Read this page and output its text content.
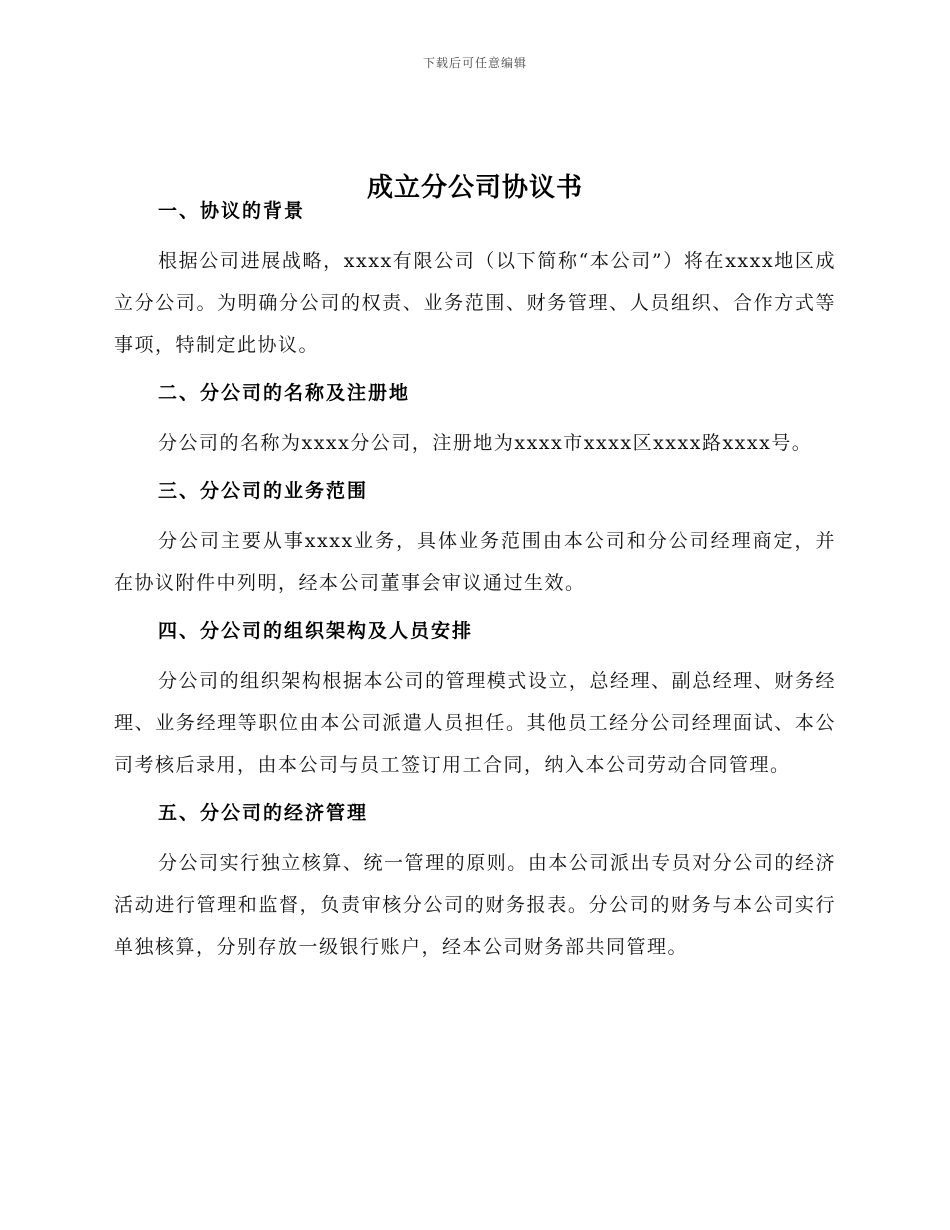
下载后可任意编辑
成立分公司协议书
一、协议的背景

根据公司进展战略，xxxx有限公司（以下简称“本公司”）将在xxxx地区成立分公司。为明确分公司的权责、业务范围、财务管理、人员组织、合作方式等事项，特制定此协议。

二、分公司的名称及注册地

分公司的名称为xxxx分公司，注册地为xxxx市xxxx区xxxx路xxxx号。

三、分公司的业务范围

分公司主要从事xxxx业务，具体业务范围由本公司和分公司经理商定，并在协议附件中列明，经本公司董事会审议通过生效。

四、分公司的组织架构及人员安排

分公司的组织架构根据本公司的管理模式设立，总经理、副总经理、财务经理、业务经理等职位由本公司派遣人员担任。其他员工经分公司经理面试、本公司考核后录用，由本公司与员工签订用工合同，纳入本公司劳动合同管理。

五、分公司的经济管理

分公司实行独立核算、统一管理的原则。由本公司派出专员对分公司的经济活动进行管理和监督，负责审核分公司的财务报表。分公司的财务与本公司实行单独核算，分别存放一级银行账户，经本公司财务部共同管理。
